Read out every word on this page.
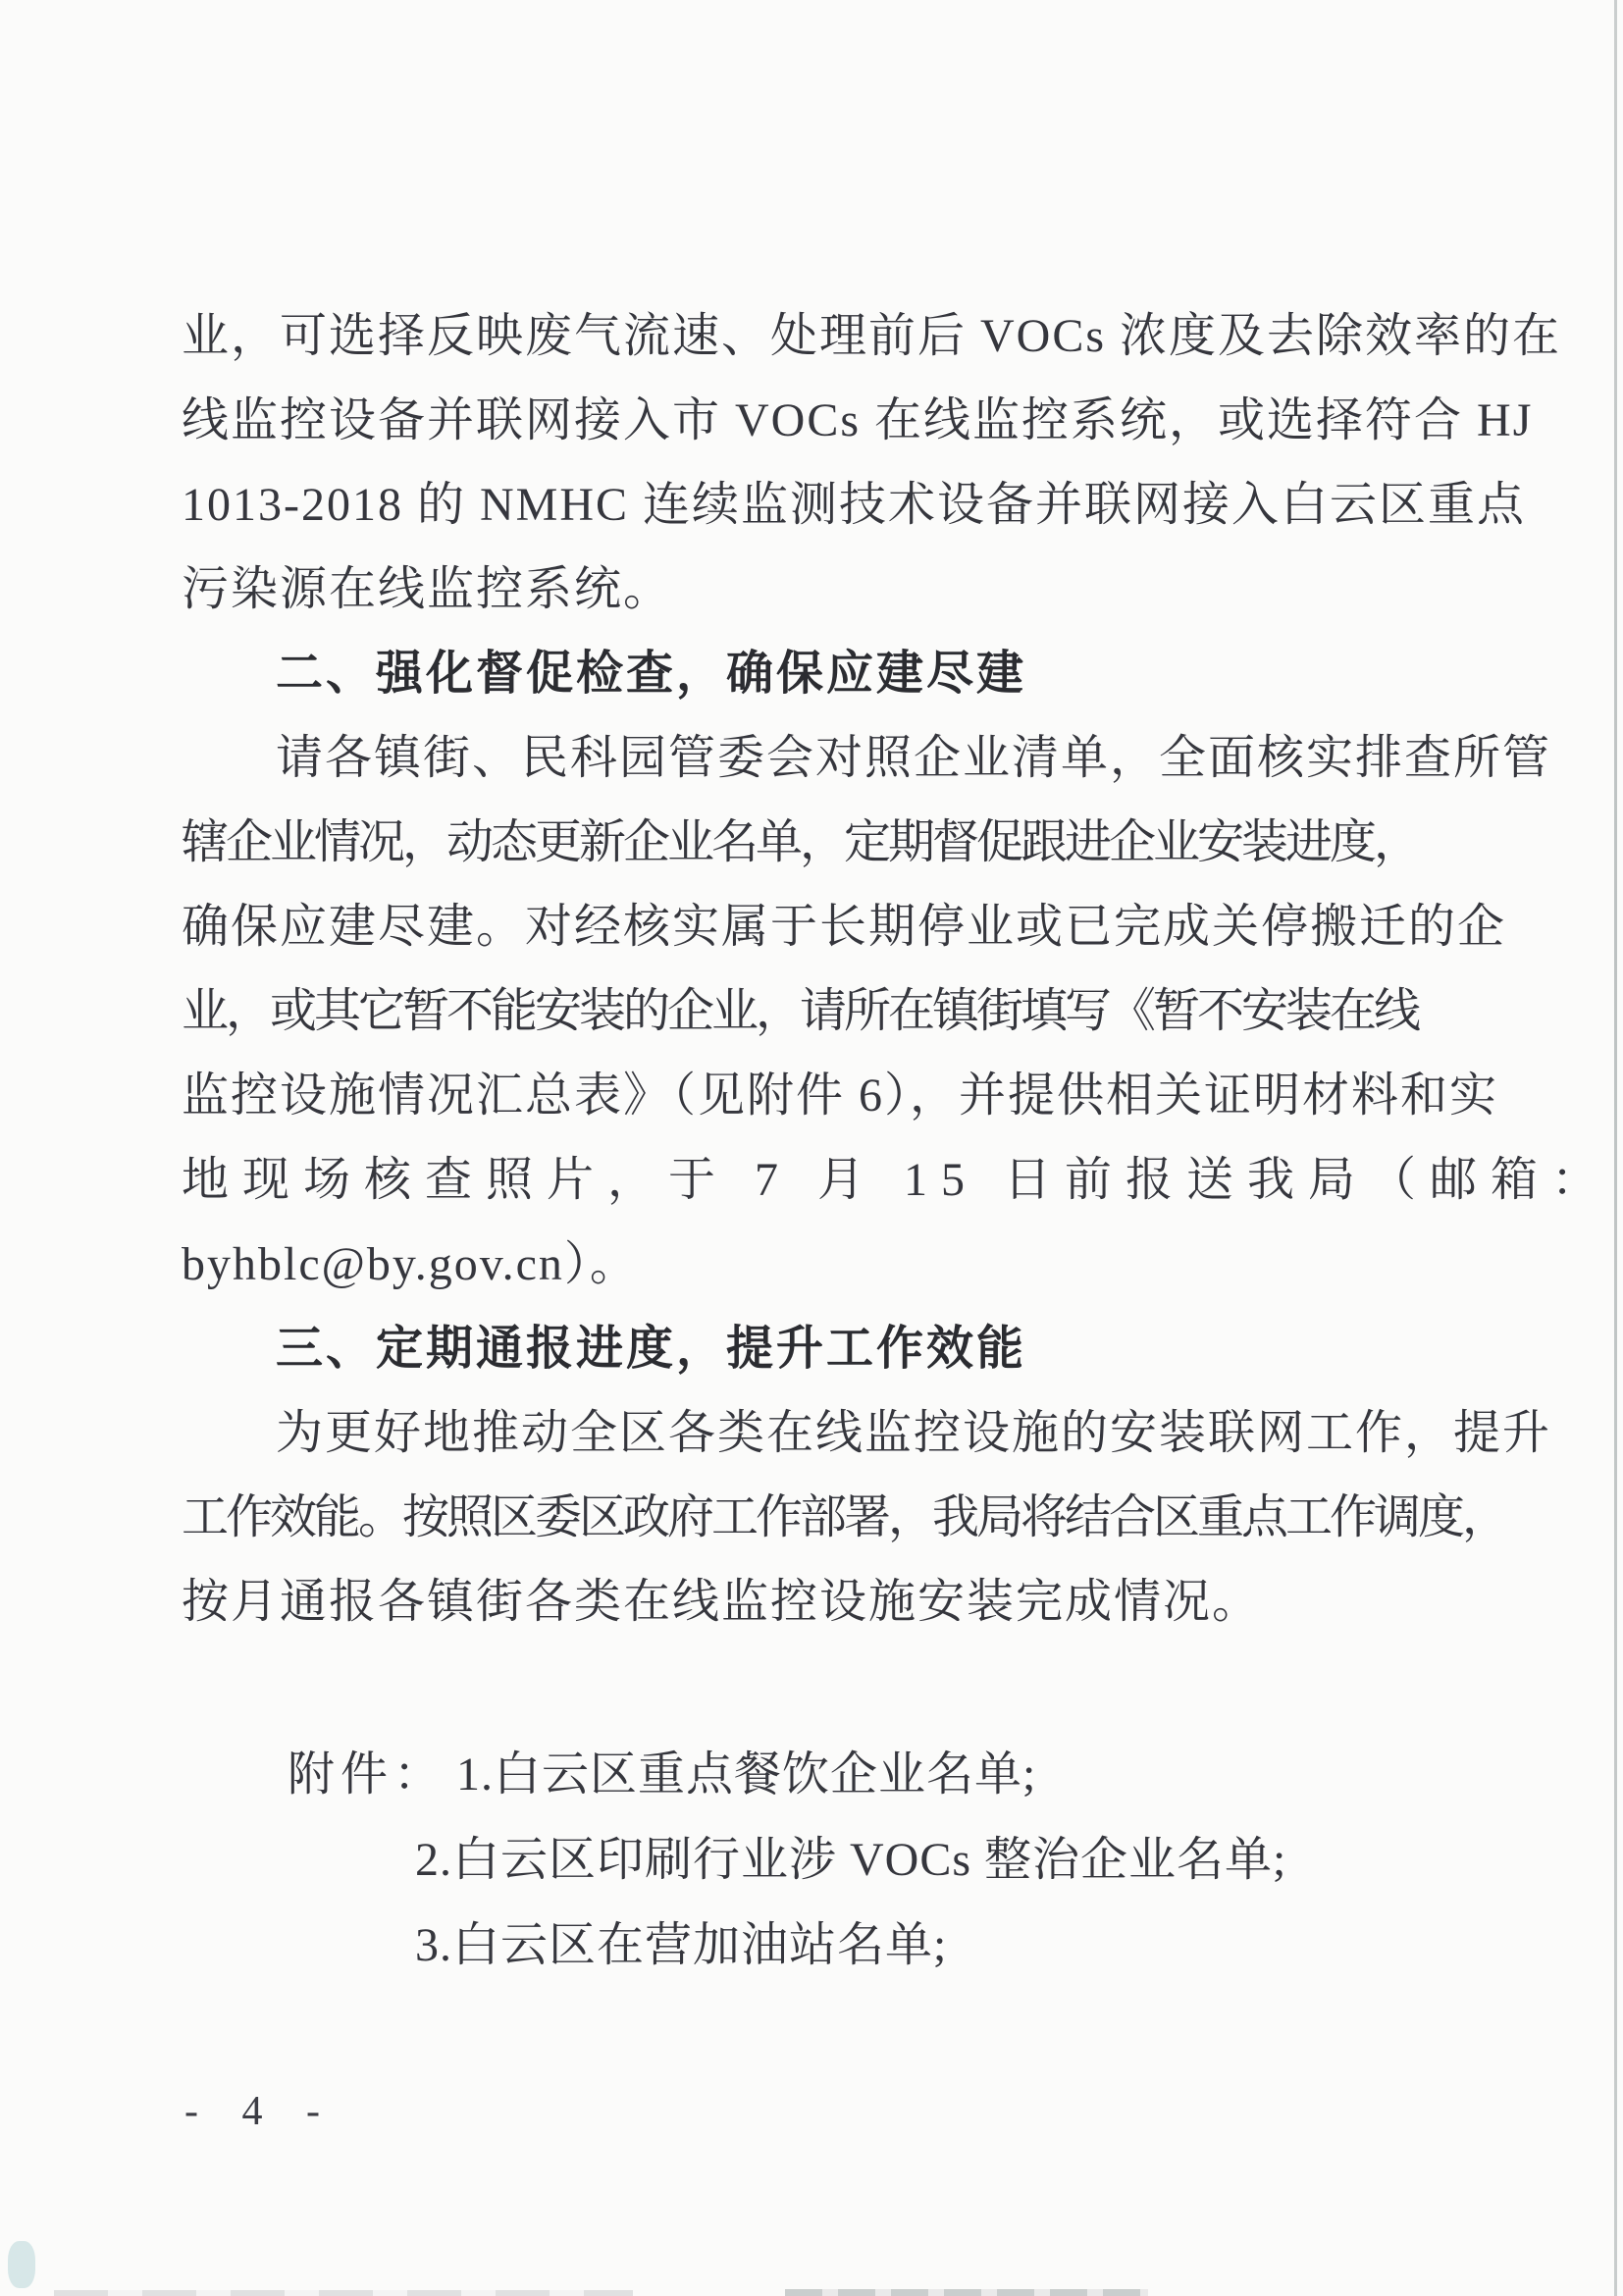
业，可选择反映废气流速、处理前后 VOCs 浓度及去除效率的在
线监控设备并联网接入市 VOCs 在线监控系统，或选择符合 HJ
1013-2018 的 NMHC 连续监测技术设备并联网接入白云区重点
污染源在线监控系统。
二、强化督促检查，确保应建尽建
请各镇街、民科园管委会对照企业清单，全面核实排查所管
辖企业情况，动态更新企业名单，定期督促跟进企业安装进度，
确保应建尽建。对经核实属于长期停业或已完成关停搬迁的企
业，或其它暂不能安装的企业，请所在镇街填写《暂不安装在线
监控设施情况汇总表》（见附件 6），并提供相关证明材料和实
地现场核查照片，于 7 月 15 日前报送我局（邮箱：
byhblc@by.gov.cn）。
三、定期通报进度，提升工作效能
为更好地推动全区各类在线监控设施的安装联网工作，提升
工作效能。按照区委区政府工作部署，我局将结合区重点工作调度，
按月通报各镇街各类在线监控设施安装完成情况。
附件： 1.白云区重点餐饮企业名单;
2.白云区印刷行业涉 VOCs 整治企业名单;
3.白云区在营加油站名单;
- 4 -
